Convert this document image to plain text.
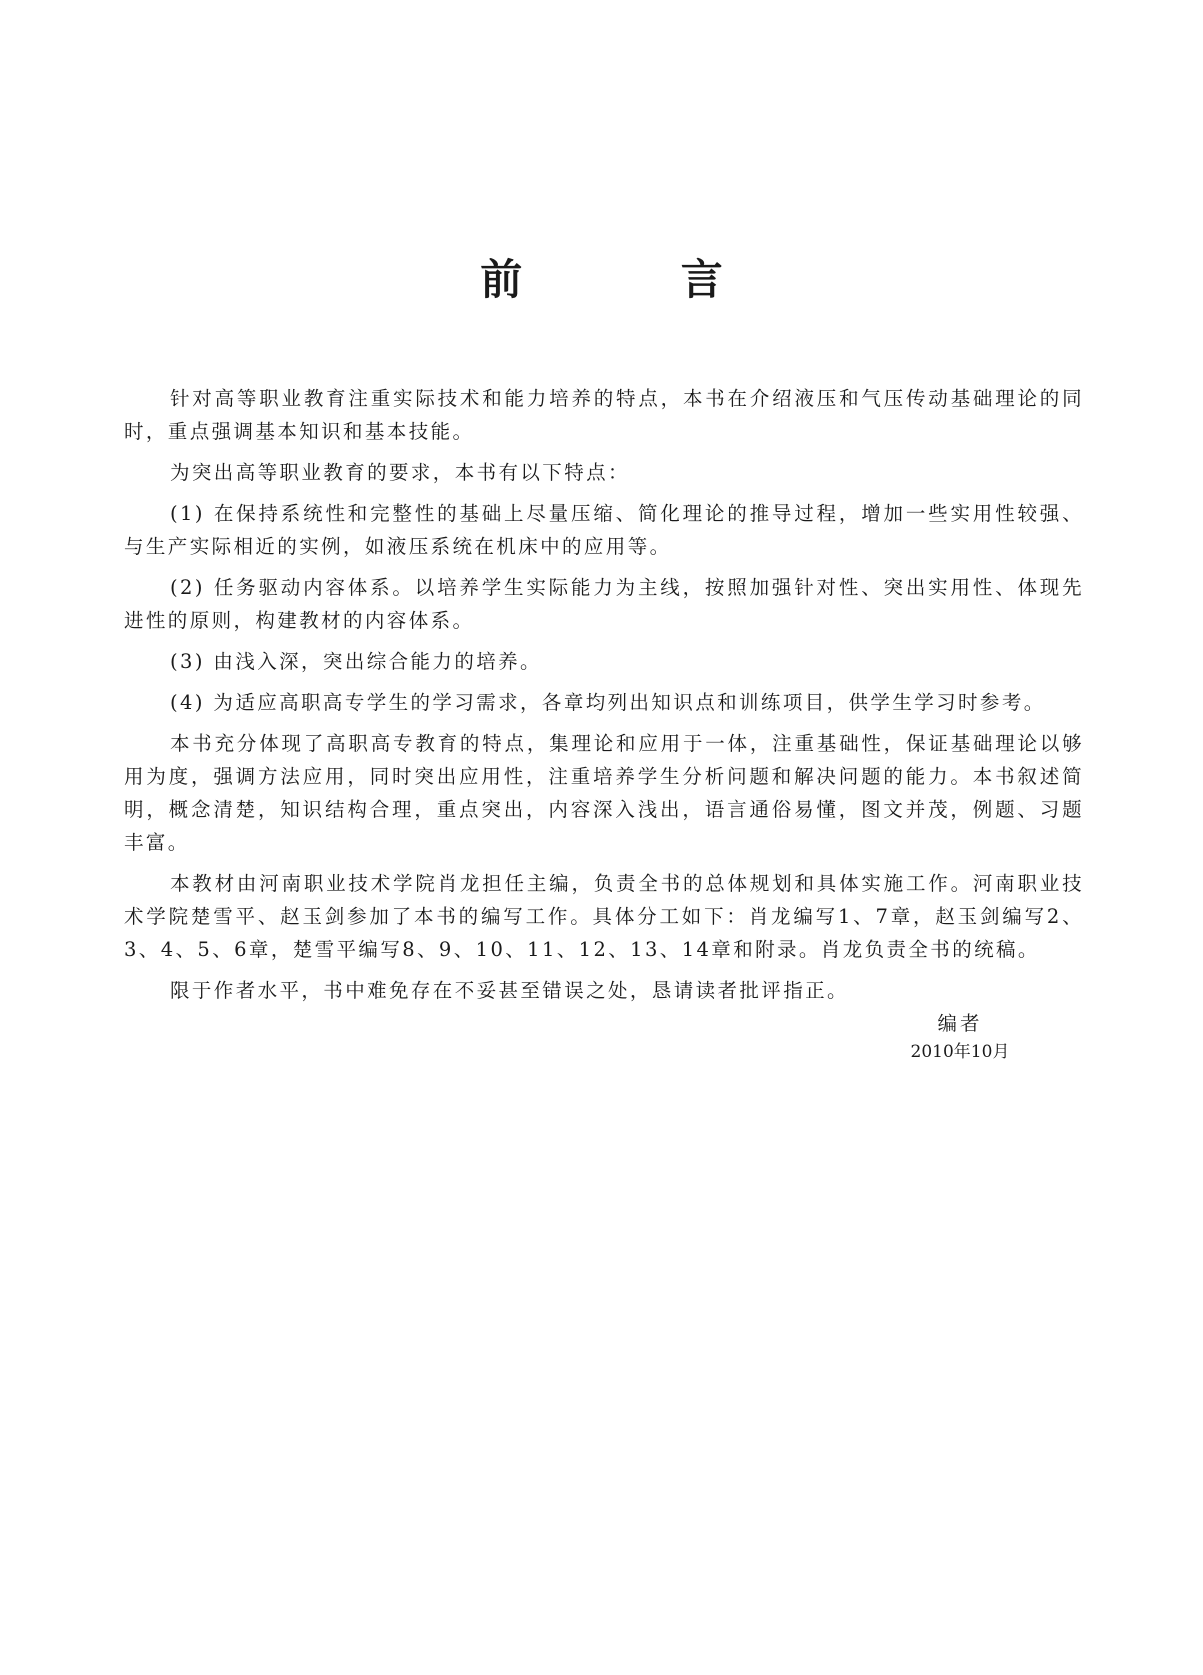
前 言

针对高等职业教育注重实际技术和能力培养的特点，本书在介绍液压和气压传动基础理论的同时，重点强调基本知识和基本技能。

为突出高等职业教育的要求，本书有以下特点：

(1) 在保持系统性和完整性的基础上尽量压缩、简化理论的推导过程，增加一些实用性较强、与生产实际相近的实例，如液压系统在机床中的应用等。

(2) 任务驱动内容体系。以培养学生实际能力为主线，按照加强针对性、突出实用性、体现先进性的原则，构建教材的内容体系。

(3) 由浅入深，突出综合能力的培养。

(4) 为适应高职高专学生的学习需求，各章均列出知识点和训练项目，供学生学习时参考。

本书充分体现了高职高专教育的特点，集理论和应用于一体，注重基础性，保证基础理论以够用为度，强调方法应用，同时突出应用性，注重培养学生分析问题和解决问题的能力。本书叙述简明，概念清楚，知识结构合理，重点突出，内容深入浅出，语言通俗易懂，图文并茂，例题、习题丰富。

本教材由河南职业技术学院肖龙担任主编，负责全书的总体规划和具体实施工作。河南职业技术学院楚雪平、赵玉剑参加了本书的编写工作。具体分工如下：肖龙编写1、7章，赵玉剑编写2、3、4、5、6章，楚雪平编写8、9、10、11、12、13、14章和附录。肖龙负责全书的统稿。

限于作者水平，书中难免存在不妥甚至错误之处，恳请读者批评指正。

编者

2010年10月
